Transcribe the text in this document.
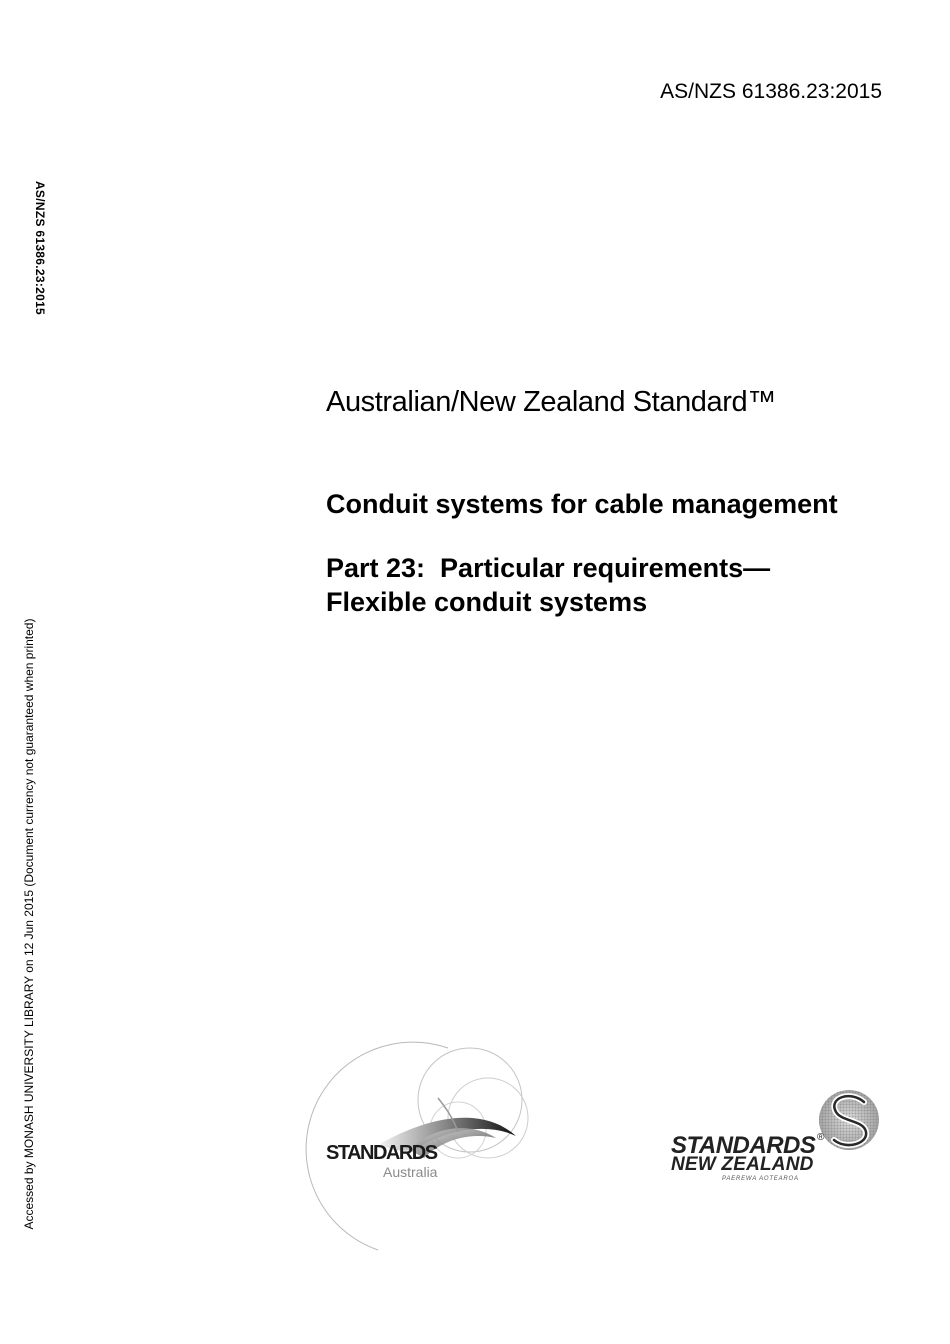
AS/NZS 61386.23:2015
AS/NZS 61386.23:2015
Accessed by MONASH UNIVERSITY LIBRARY on 12 Jun 2015 (Document currency not guaranteed when printed)
Australian/New Zealand Standard™
Conduit systems for cable management
Part 23:  Particular requirements—
Flexible conduit systems
STANDARDS
Australia
STANDARDS ®
NEW ZEALAND
PAEREWA AOTEAROA
